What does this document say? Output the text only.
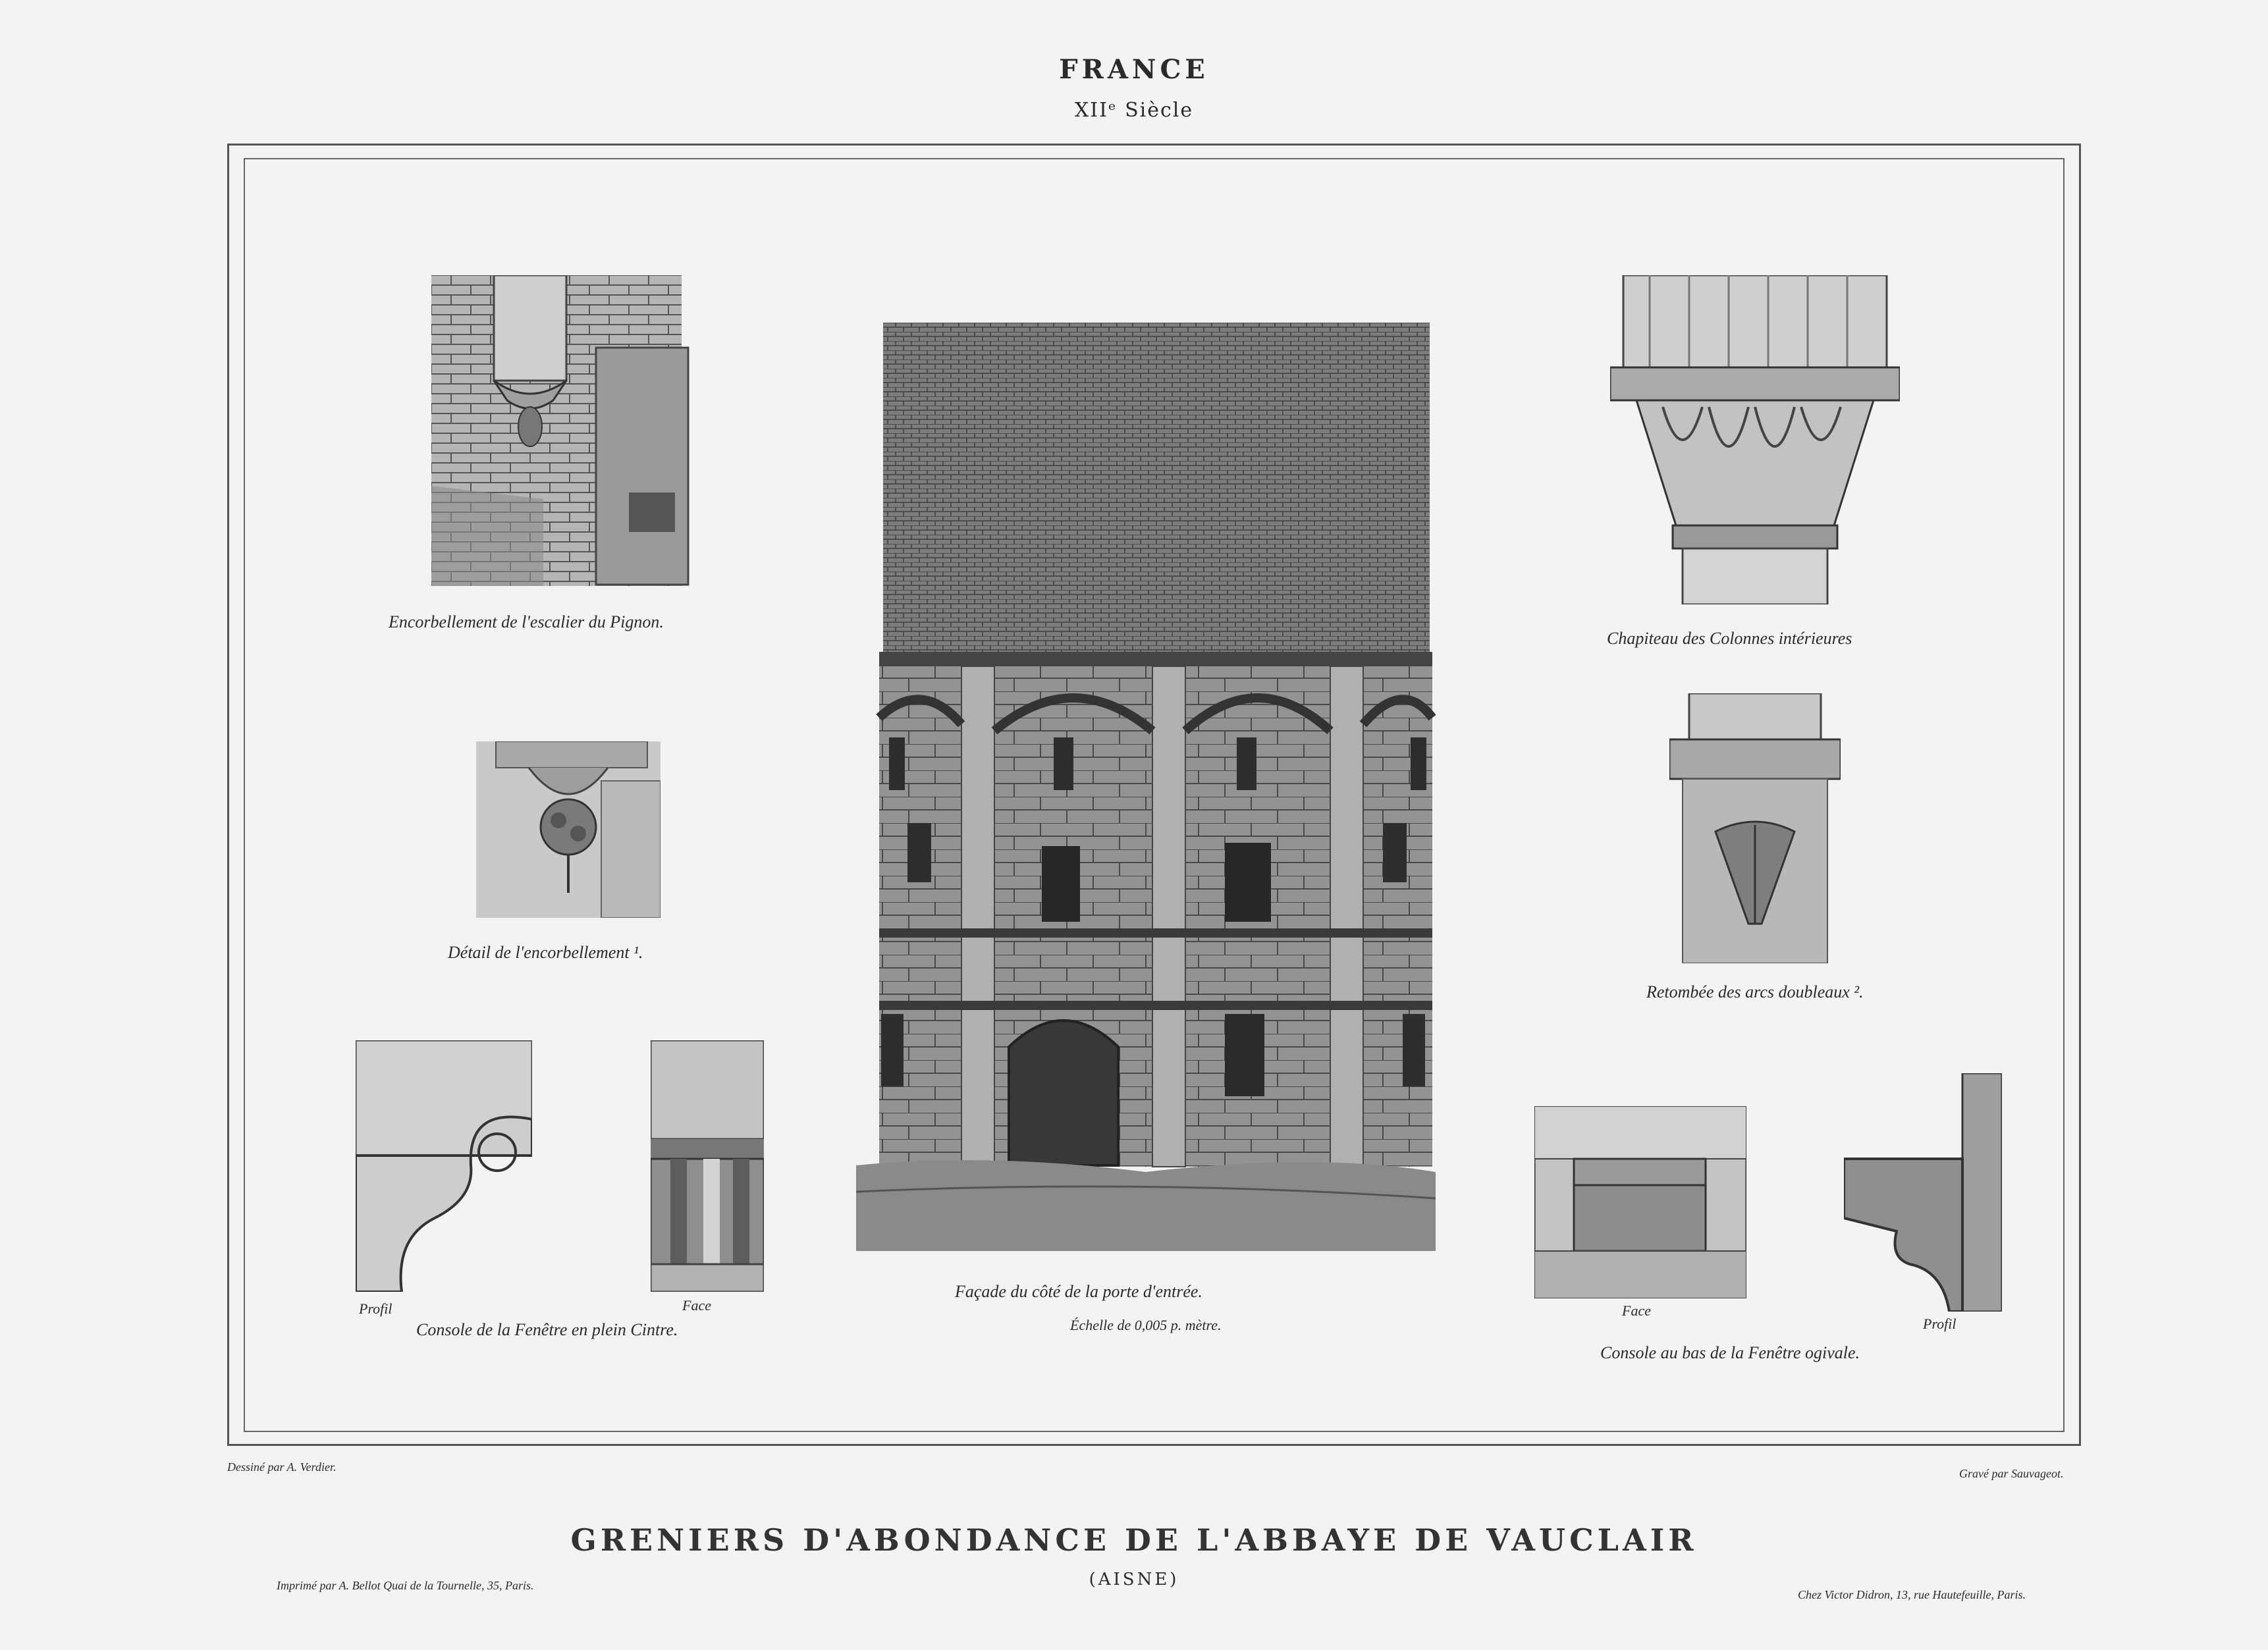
FRANCE
XIIᵉ Siècle
Encorbellement de l'escalier du Pignon.
Détail de l'encorbellement ¹.
Profil	Face
Console de la Fenêtre en plein Cintre.
Façade du côté de la porte d'entrée.
Échelle de 0,005 p. mètre.
Chapiteau des Colonnes intérieures
Retombée des arcs doubleaux ².
Face
Profil
Console au bas de la Fenêtre ogivale.
Dessiné par A. Verdier.	Gravé par Sauvageot.
GRENIERS D'ABONDANCE DE L'ABBAYE DE VAUCLAIR
(AISNE)
Imprimé par A. Bellot Quai de la Tournelle, 35, Paris.
Chez Victor Didron, 13, rue Hautefeuille, Paris.
